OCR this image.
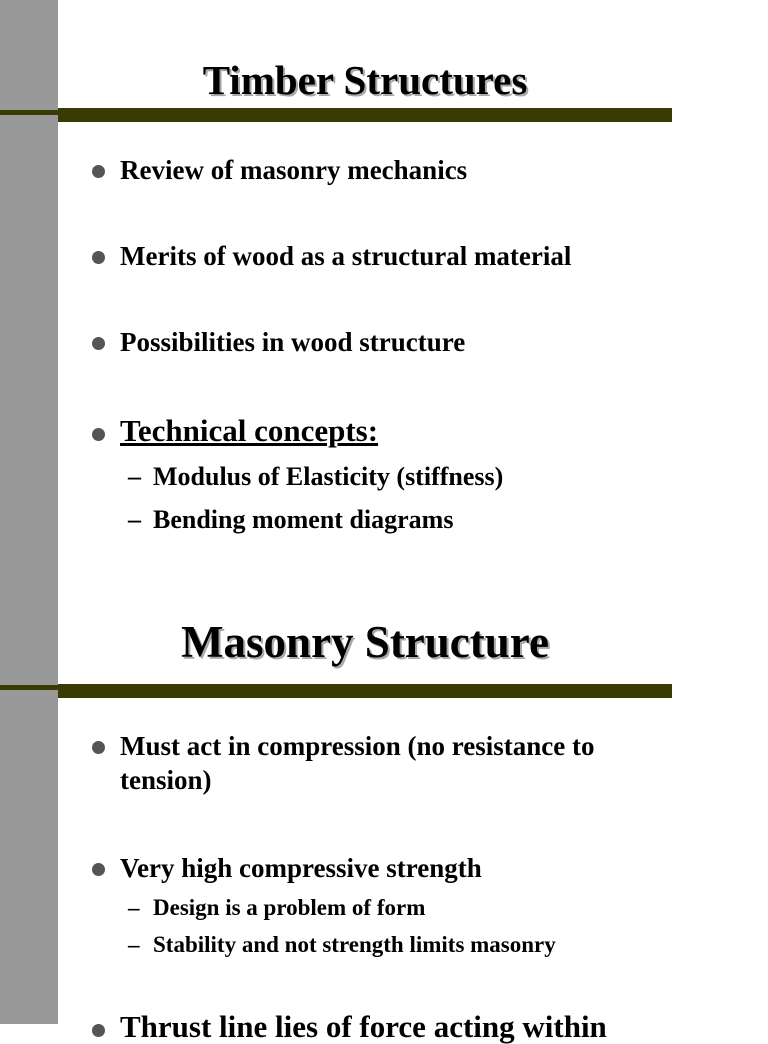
Timber Structures
Review of masonry mechanics
Merits of wood as a structural material
Possibilities in wood structure
Technical concepts:
– Modulus of Elasticity (stiffness)
– Bending moment diagrams
Masonry Structure
Must act in compression (no resistance to tension)
Very high compressive strength
– Design is a problem of form
– Stability and not strength limits masonry
Thrust line lies of force acting within
